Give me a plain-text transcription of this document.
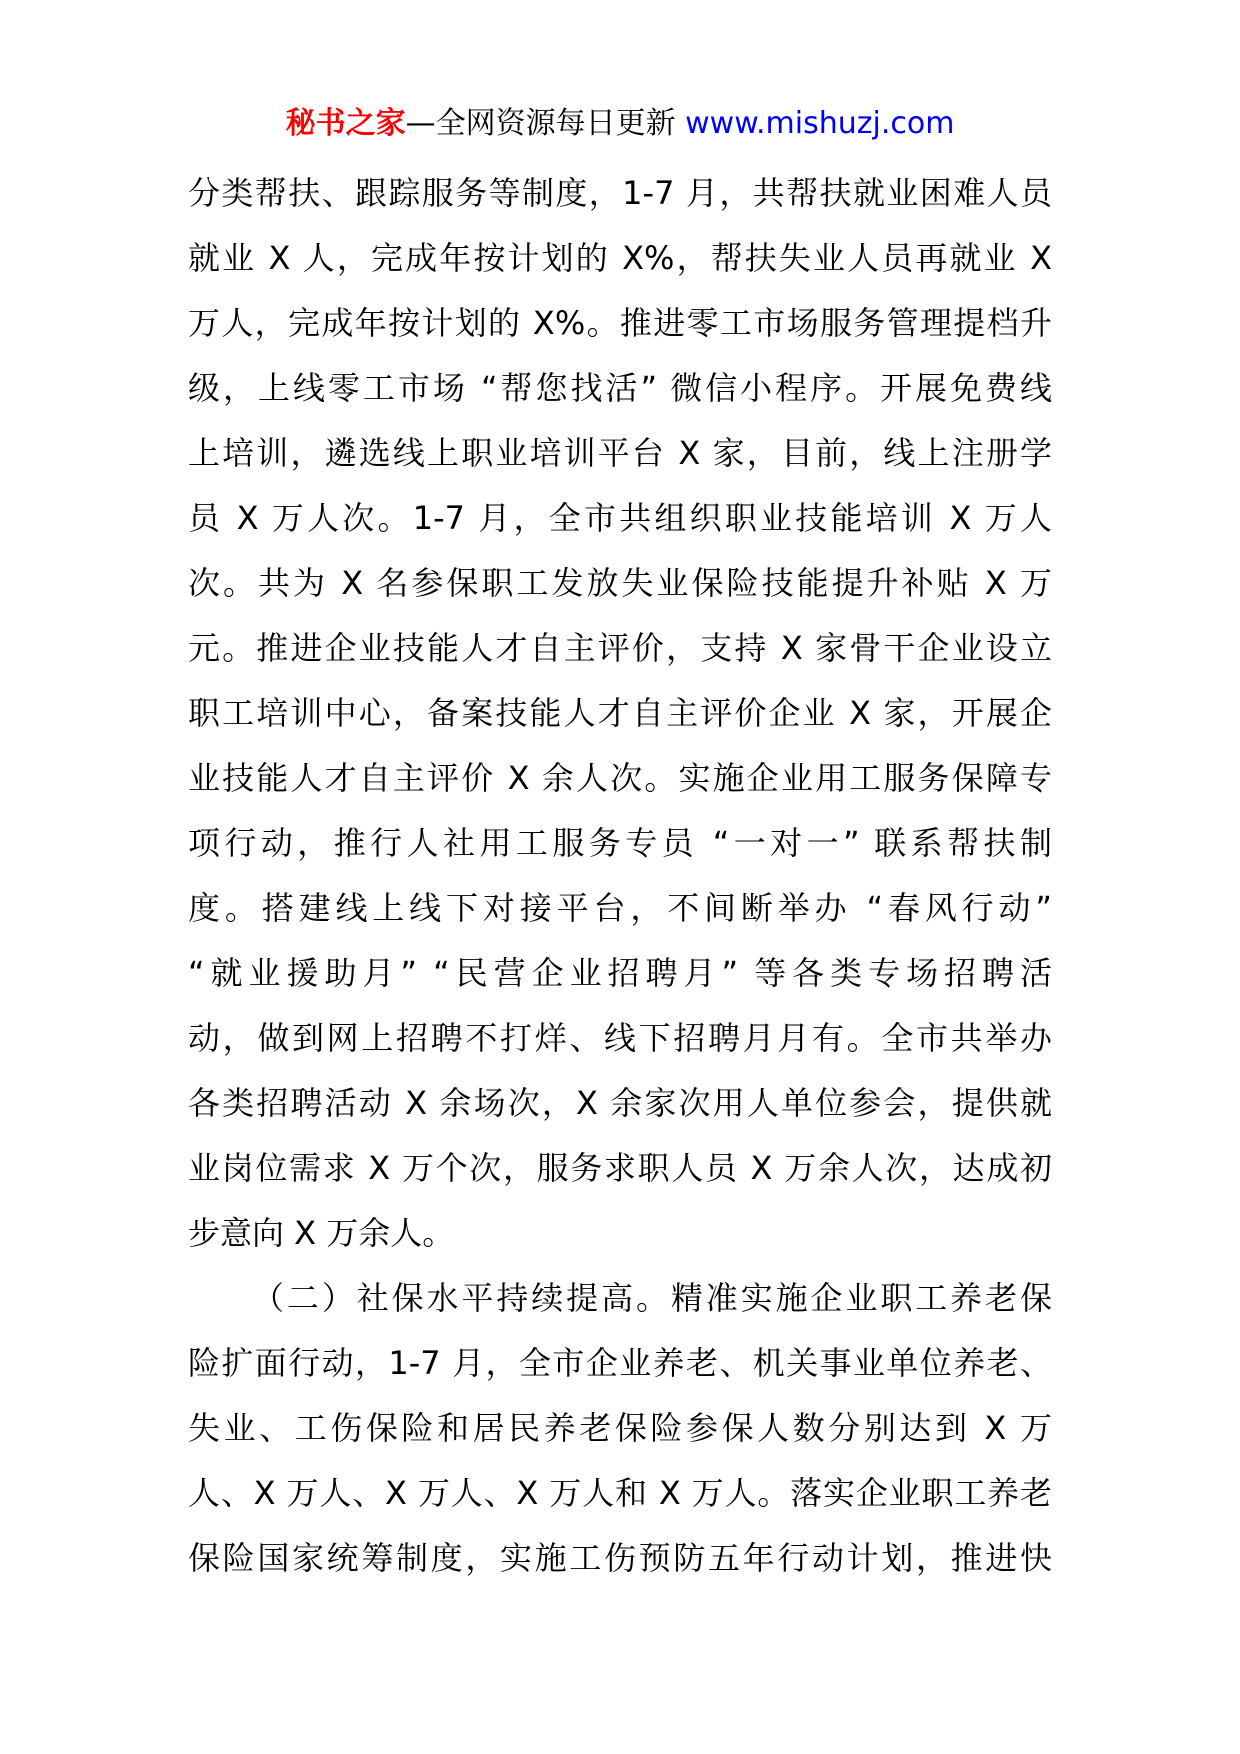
秘书之家—全网资源每日更新 www.mishuzj.com
分类帮扶、跟踪服务等制度，1-7 月，共帮扶就业困难人员
就业 X 人，完成年按计划的 X%，帮扶失业人员再就业 X
万人，完成年按计划的 X%。推进零工市场服务管理提档升
级，上线零工市场 “帮您找活” 微信小程序。开展免费线
上培训，遴选线上职业培训平台 X 家，目前，线上注册学
员 X 万人次。1-7 月，全市共组织职业技能培训 X 万人
次。共为 X 名参保职工发放失业保险技能提升补贴 X 万
元。推进企业技能人才自主评价，支持 X 家骨干企业设立
职工培训中心，备案技能人才自主评价企业 X 家，开展企
业技能人才自主评价 X 余人次。实施企业用工服务保障专
项行动，推行人社用工服务专员 “一对一” 联系帮扶制
度。搭建线上线下对接平台，不间断举办 “春风行动”
“就业援助月” “民营企业招聘月” 等各类专场招聘活
动，做到网上招聘不打烊、线下招聘月月有。全市共举办
各类招聘活动 X 余场次，X 余家次用人单位参会，提供就
业岗位需求 X 万个次，服务求职人员 X 万余人次，达成初
步意向 X 万余人。
（二）社保水平持续提高。精准实施企业职工养老保
险扩面行动，1-7 月，全市企业养老、机关事业单位养老、
失业、工伤保险和居民养老保险参保人数分别达到 X 万
人、X 万人、X 万人、X 万人和 X 万人。落实企业职工养老
保险国家统筹制度，实施工伤预防五年行动计划，推进快
